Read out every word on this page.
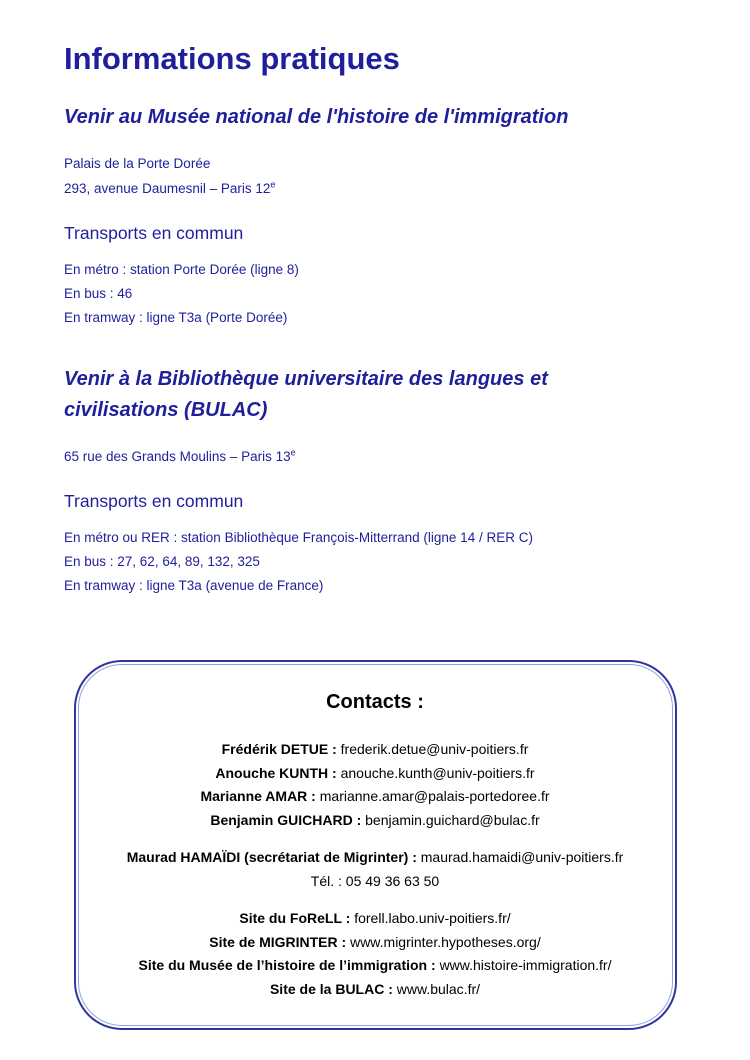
Informations pratiques
Venir au Musée national de l'histoire de l'immigration

Palais de la Porte Dorée

293, avenue Daumesnil – Paris 12e

Transports en commun

En métro : station Porte Dorée (ligne 8)

En bus : 46

En tramway : ligne T3a (Porte Dorée)

Venir à la Bibliothèque universitaire des langues et civilisations (BULAC)

65 rue des Grands Moulins – Paris 13e

Transports en commun

En métro ou RER : station Bibliothèque François-Mitterrand (ligne 14 / RER C)

En bus : 27, 62, 64, 89, 132, 325

En tramway : ligne T3a (avenue de France)

Contacts :

Frédérik DETUE : frederik.detue@univ-poitiers.fr

Anouche KUNTH : anouche.kunth@univ-poitiers.fr

Marianne AMAR : marianne.amar@palais-portedoree.fr

Benjamin GUICHARD : benjamin.guichard@bulac.fr

Maurad HAMAÏDI (secrétariat de Migrinter) : maurad.hamaidi@univ-poitiers.fr

Tél. : 05 49 36 63 50

Site du FoReLL : forell.labo.univ-poitiers.fr/

Site de MIGRINTER : www.migrinter.hypotheses.org/

Site du Musée de l’histoire de l’immigration : www.histoire-immigration.fr/

Site de la BULAC : www.bulac.fr/
